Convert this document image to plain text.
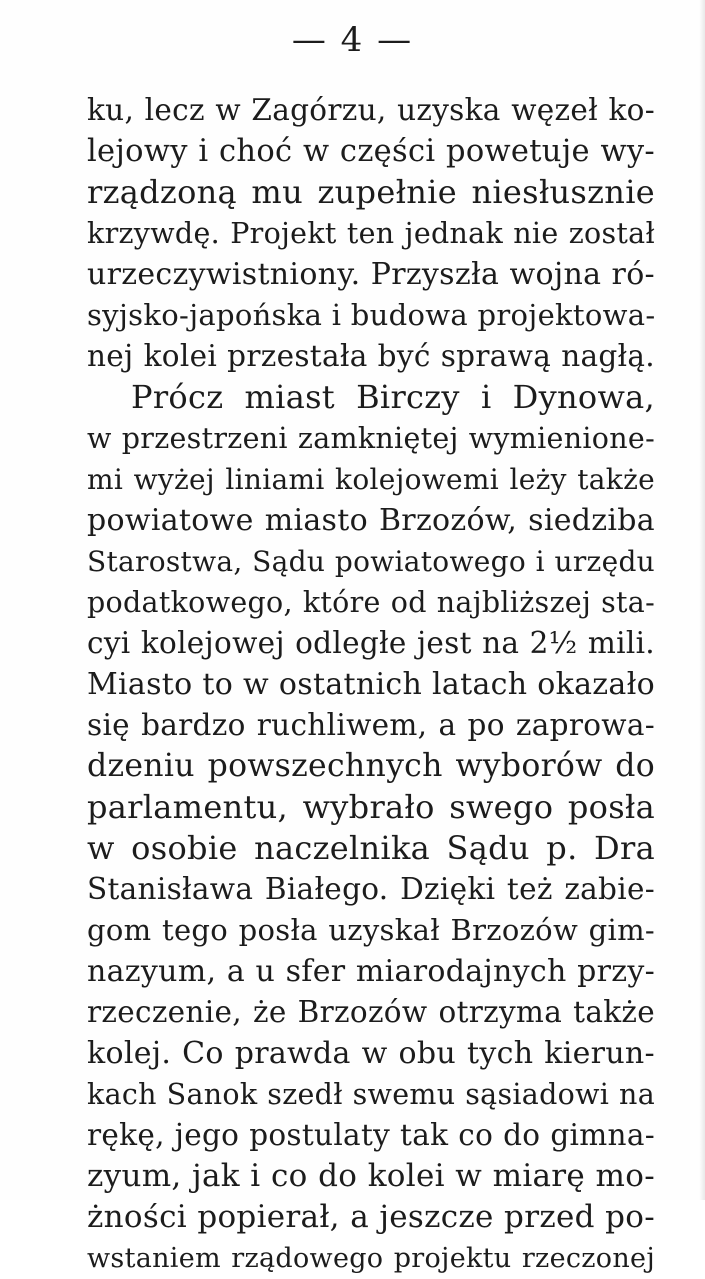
— 4 —
ku, lecz w Zagórzu, uzyska węzeł ko-
lejowy i choć w części powetuje wy-
rządzoną mu zupełnie niesłusznie
krzywdę. Projekt ten jednak nie został
urzeczywistniony. Przyszła wojna ró-
syjsko-japońska i budowa projektowa-
nej kolei przestała być sprawą nagłą.
Prócz miast Birczy i Dynowa,
w przestrzeni zamkniętej wymienione-
mi wyżej liniami kolejowemi leży także
powiatowe miasto Brzozów, siedziba
Starostwa, Sądu powiatowego i urzędu
podatkowego, które od najbliższej sta-
cyi kolejowej odległe jest na 2½ mili.
Miasto to w ostatnich latach okazało
się bardzo ruchliwem, a po zaprowa-
dzeniu powszechnych wyborów do
parlamentu, wybrało swego posła
w osobie naczelnika Sądu p. Dra
Stanisława Białego. Dzięki też zabie-
gom tego posła uzyskał Brzozów gim-
nazyum, a u sfer miarodajnych przy-
rzeczenie, że Brzozów otrzyma także
kolej. Co prawda w obu tych kierun-
kach Sanok szedł swemu sąsiadowi na
rękę, jego postulaty tak co do gimna-
zyum, jak i co do kolei w miarę mo-
żności popierał, a jeszcze przed po-
wstaniem rządowego projektu rzeczonej
